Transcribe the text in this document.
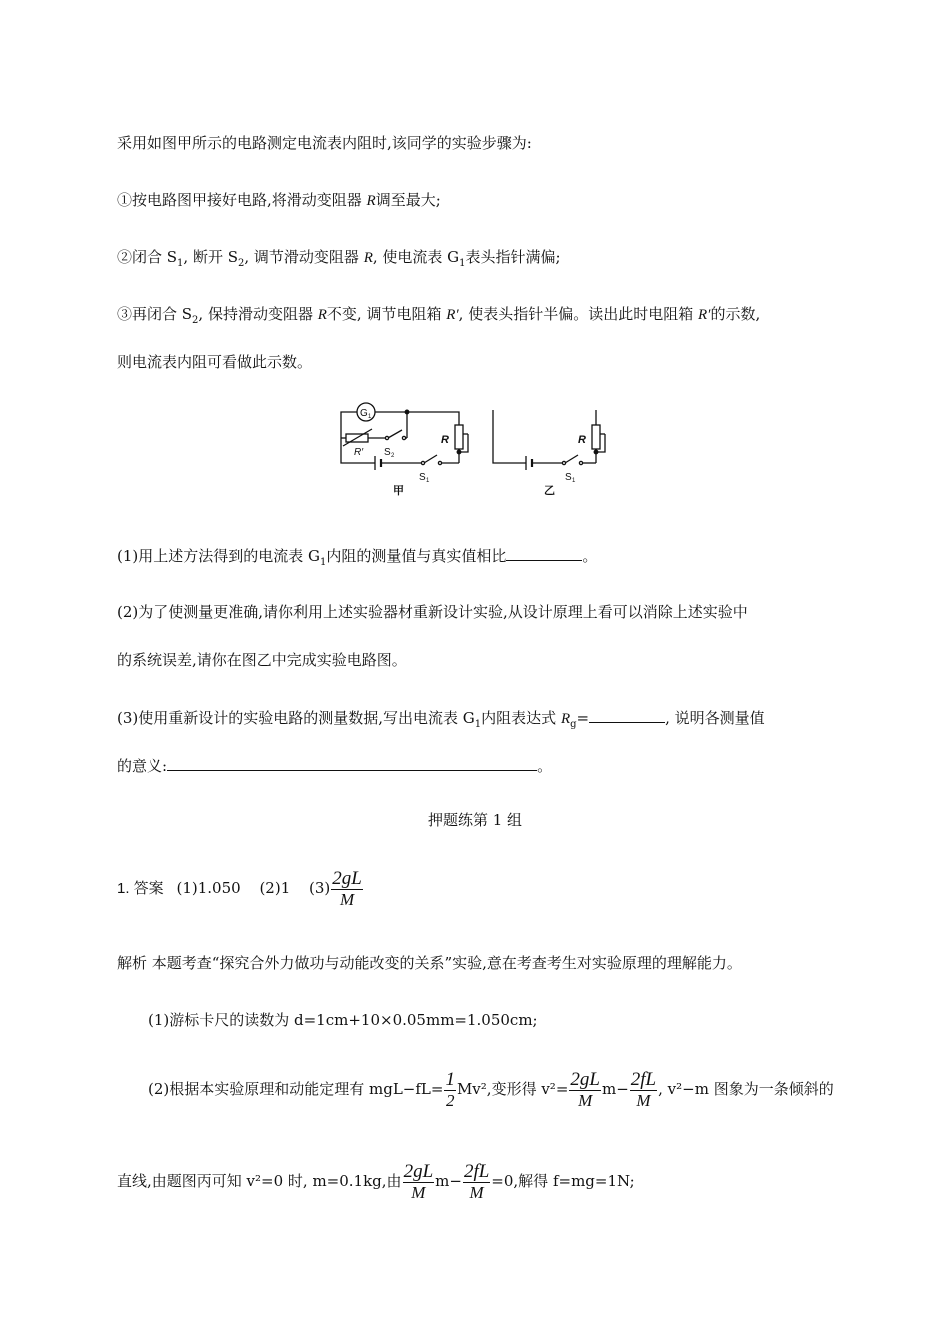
采用如图甲所示的电路测定电流表内阻时,该同学的实验步骤为:
①按电路图甲接好电路,将滑动变阻器 R调至最大;
②闭合 $S_1$, 断开 $S_2$, 调节滑动变阻器 R, 使电流表 $G_1$表头指针满偏;
③再闭合 $S_2$, 保持滑动变阻器 R不变, 调节电阻箱 R′, 使表头指针半偏。读出此时电阻箱 R′的示数,
则电流表内阻可看做此示数。
G 1
R′ S 2
R
S 1
甲
R
S 1
乙
(1)用上述方法得到的电流表 $G_1$内阻的测量值与真实值相比	。
(2)为了使测量更准确,请你利用上述实验器材重新设计实验,从设计原理上看可以消除上述实验中
的系统误差,请你在图乙中完成实验电路图。
(3)使用重新设计的实验电路的测量数据,写出电流表 $G_1$内阻表达式 $R_g=$	, 说明各测量值
的意义:	。
押题练第 1 组
1. 答案 (1)1.050 (2)1 $(3) \frac{2gL}{M}$
解析 本题考查“探究合外力做功与动能改变的关系”实验,意在考查考生对实验原理的理解能力。
(1)游标卡尺的读数为 d=1cm+10×0.05mm=1.050cm;
(2)根据本实验原理和动能定理有 $mgL-fL= \frac{1}{2} Mv^2$,变形得 $v^2= \frac{2gL}{M} m- \frac{2fL}{M}$ , v²−m 图象为一条倾斜的
直线,由题图丙可知 v²=0 时, m=0.1kg,由 $\frac{2gL}{M} m- \frac{2fL}{M} =0$,解得 f=mg=1N;
